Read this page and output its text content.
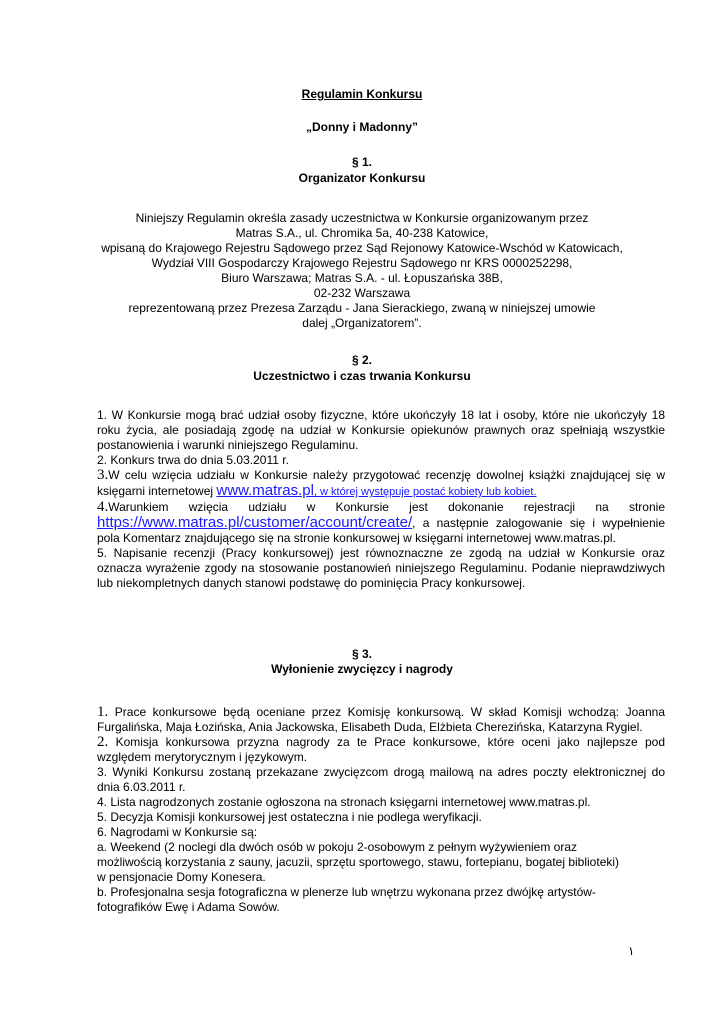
Regulamin Konkursu
„Donny i Madonny”
§ 1.
Organizator Konkursu
Niniejszy Regulamin określa zasady uczestnictwa w Konkursie organizowanym przez
Matras S.A., ul. Chromika 5a, 40-238 Katowice,
wpisaną do Krajowego Rejestru Sądowego przez Sąd Rejonowy Katowice-Wschód w Katowicach,
Wydział VIII Gospodarczy Krajowego Rejestru Sądowego nr KRS 0000252298,
Biuro Warszawa; Matras S.A. - ul. Łopuszańska 38B,
02-232 Warszawa
reprezentowaną przez Prezesa Zarządu - Jana Sierackiego, zwaną w niniejszej umowie
dalej „Organizatorem”.
§ 2.
Uczestnictwo i czas trwania Konkursu

1. W Konkursie mogą brać udział osoby fizyczne, które ukończyły 18 lat i osoby, które nie ukończyły 18 roku życia, ale posiadają zgodę na udział w Konkursie opiekunów prawnych oraz spełniają wszystkie postanowienia i warunki niniejszego Regulaminu.

2. Konkurs trwa do dnia 5.03.2011 r.

3.W celu wzięcia udziału w Konkursie należy przygotować recenzję dowolnej książki znajdującej się w księgarni internetowej www.matras.pl, w której występuje postać kobiety lub kobiet.

4.Warunkiem wzięcia udziału w Konkursie jest dokonanie rejestracji na stronie https://www.matras.pl/customer/account/create/, a następnie zalogowanie się i wypełnienie pola Komentarz znajdującego się na stronie konkursowej w księgarni internetowej www.matras.pl.

5. Napisanie recenzji (Pracy konkursowej) jest równoznaczne ze zgodą na udział w Konkursie oraz oznacza wyrażenie zgody na stosowanie postanowień niniejszego Regulaminu. Podanie nieprawdziwych lub niekompletnych danych stanowi podstawę do pominięcia Pracy konkursowej.

§ 3.
Wyłonienie zwycięzcy i nagrody

1. Prace konkursowe będą oceniane przez Komisję konkursową. W skład Komisji wchodzą: Joanna Furgalińska, Maja Łozińska, Ania Jackowska, Elisabeth Duda, Elżbieta Cherezińska, Katarzyna Rygiel.

2. Komisja konkursowa przyzna nagrody za te Prace konkursowe, które oceni jako najlepsze pod względem merytorycznym i językowym.

3. Wyniki Konkursu zostaną przekazane zwycięzcom drogą mailową na adres poczty elektronicznej do dnia 6.03.2011 r.

4. Lista nagrodzonych zostanie ogłoszona na stronach księgarni internetowej www.matras.pl.

5. Decyzja Komisji konkursowej jest ostateczna i nie podlega weryfikacji.

6. Nagrodami w Konkursie są:

a. Weekend (2 noclegi dla dwóch osób w pokoju 2-osobowym z pełnym wyżywieniem oraz
możliwością korzystania z sauny, jacuzii, sprzętu sportowego, stawu, fortepianu, bogatej biblioteki)
w pensjonacie Domy Konesera.

b. Profesjonalna sesja fotograficzna w plenerze lub wnętrzu wykonana przez dwójkę artystów-
fotografików Ewę i Adama Sowów.

١
